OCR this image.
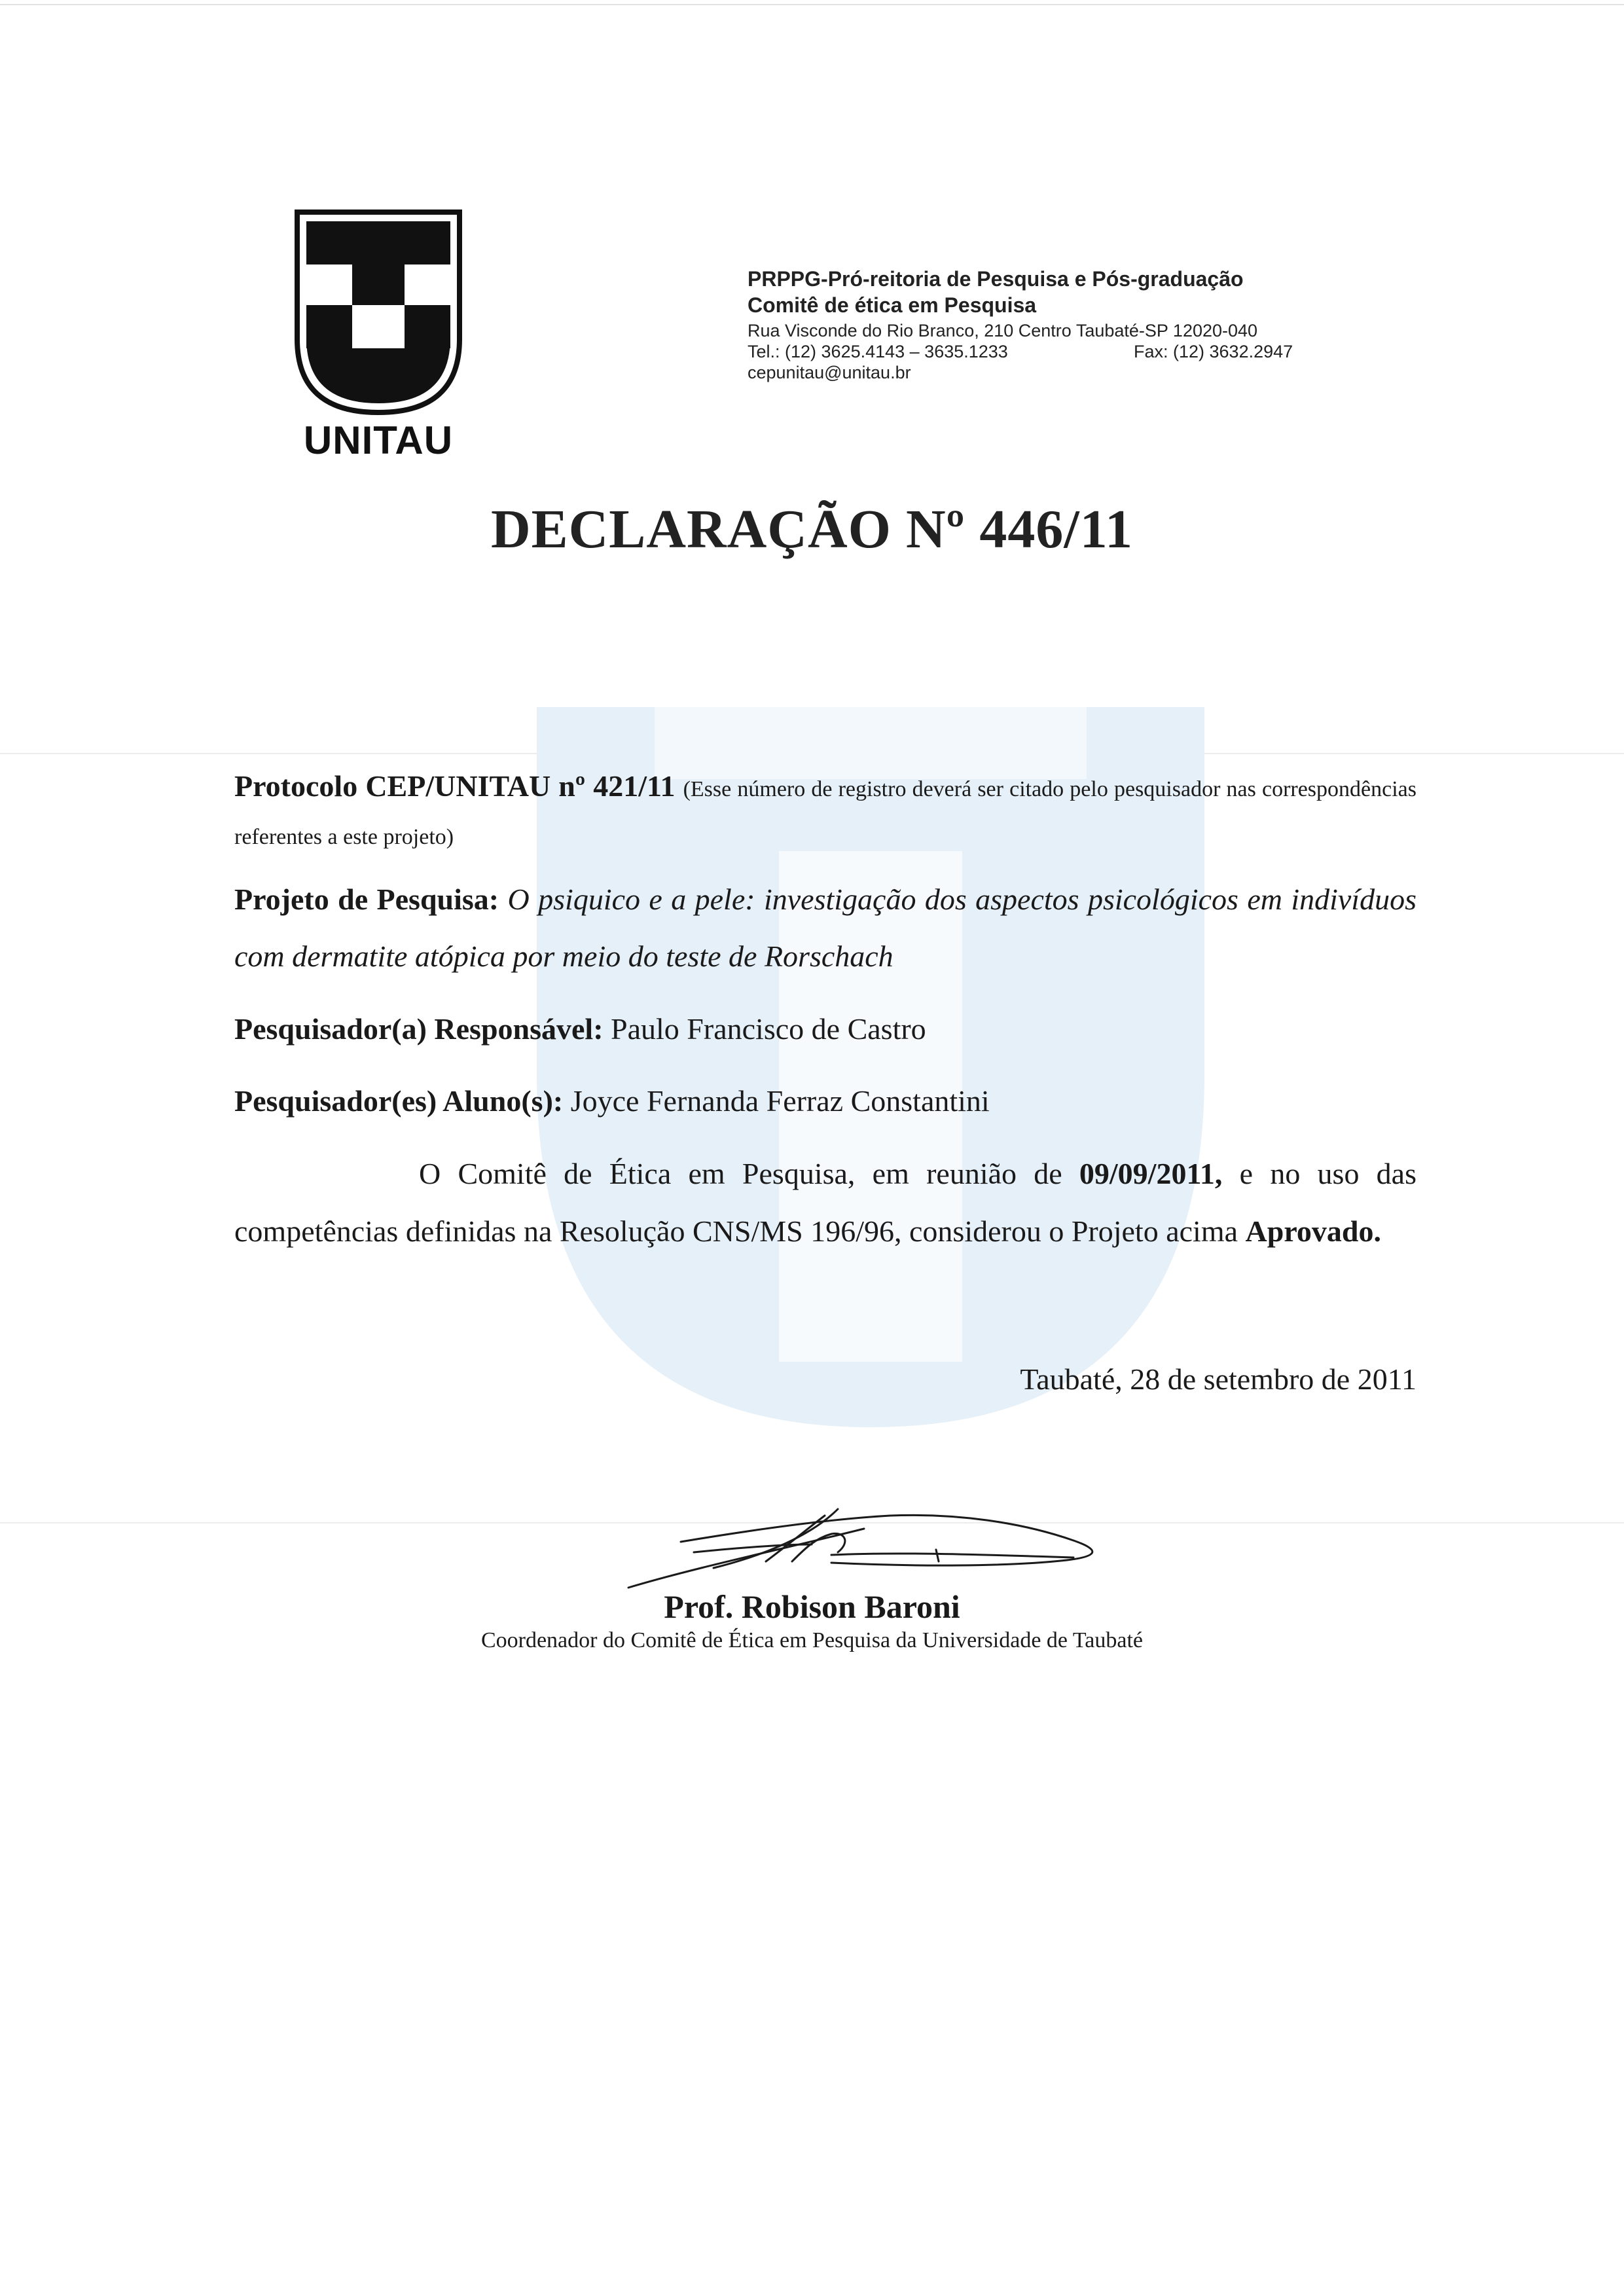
UNITAU
PRPPG-Pró-reitoria de Pesquisa e Pós-graduação
Comitê de ética em Pesquisa
Rua Visconde do Rio Branco, 210 Centro Taubaté-SP 12020-040
Tel.: (12) 3625.4143 – 3635.1233	Fax: (12) 3632.2947
cepunitau@unitau.br
DECLARAÇÃO Nº 446/11
Protocolo CEP/UNITAU nº 421/11 (Esse número de registro deverá ser citado pelo pesquisador nas correspondências
referentes a este projeto)
Projeto de Pesquisa: O psiquico e a pele: investigação dos aspectos psicológicos em indivíduos
com dermatite atópica por meio do teste de Rorschach
Pesquisador(a) Responsável: Paulo Francisco de Castro
Pesquisador(es) Aluno(s): Joyce Fernanda Ferraz Constantini
O Comitê de Ética em Pesquisa, em reunião de 09/09/2011, e no uso das
competências definidas na Resolução CNS/MS 196/96, considerou o Projeto acima Aprovado.
Taubaté, 28 de setembro de 2011
Prof. Robison Baroni
Coordenador do Comitê de Ética em Pesquisa da Universidade de Taubaté
